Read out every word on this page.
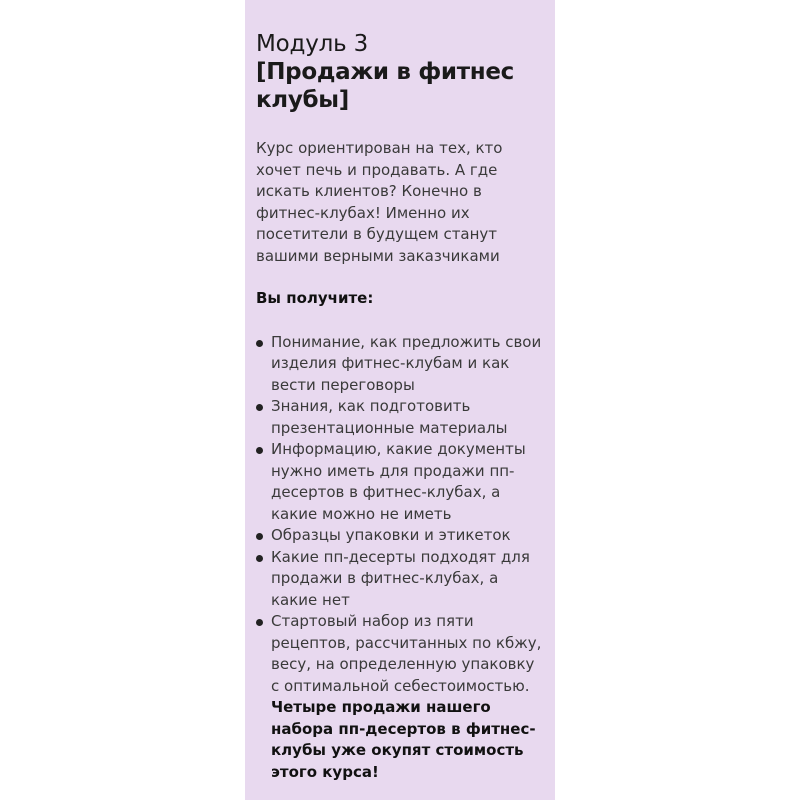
Модуль 3
[Продажи в фитнес клубы]
Курс ориентирован на тех, кто хочет печь и продавать. А где искать клиентов? Конечно в фитнес-клубах! Именно их посетители в будущем станут вашими верными заказчиками
Вы получите:
Понимание, как предложить свои изделия фитнес-клубам и как вести переговоры
Знания, как подготовить презентационные материалы
Информацию, какие документы нужно иметь для продажи пп-десертов в фитнес-клубах, а какие можно не иметь
Образцы упаковки и этикеток
Какие пп-десерты подходят для продажи в фитнес-клубах, а какие нет
Стартовый набор из пяти рецептов, рассчитанных по кбжу, весу, на определенную упаковку с оптимальной себестоимостью.
Четыре продажи нашего набора пп-десертов в фитнес-клубы уже окупят стоимость этого курса!
